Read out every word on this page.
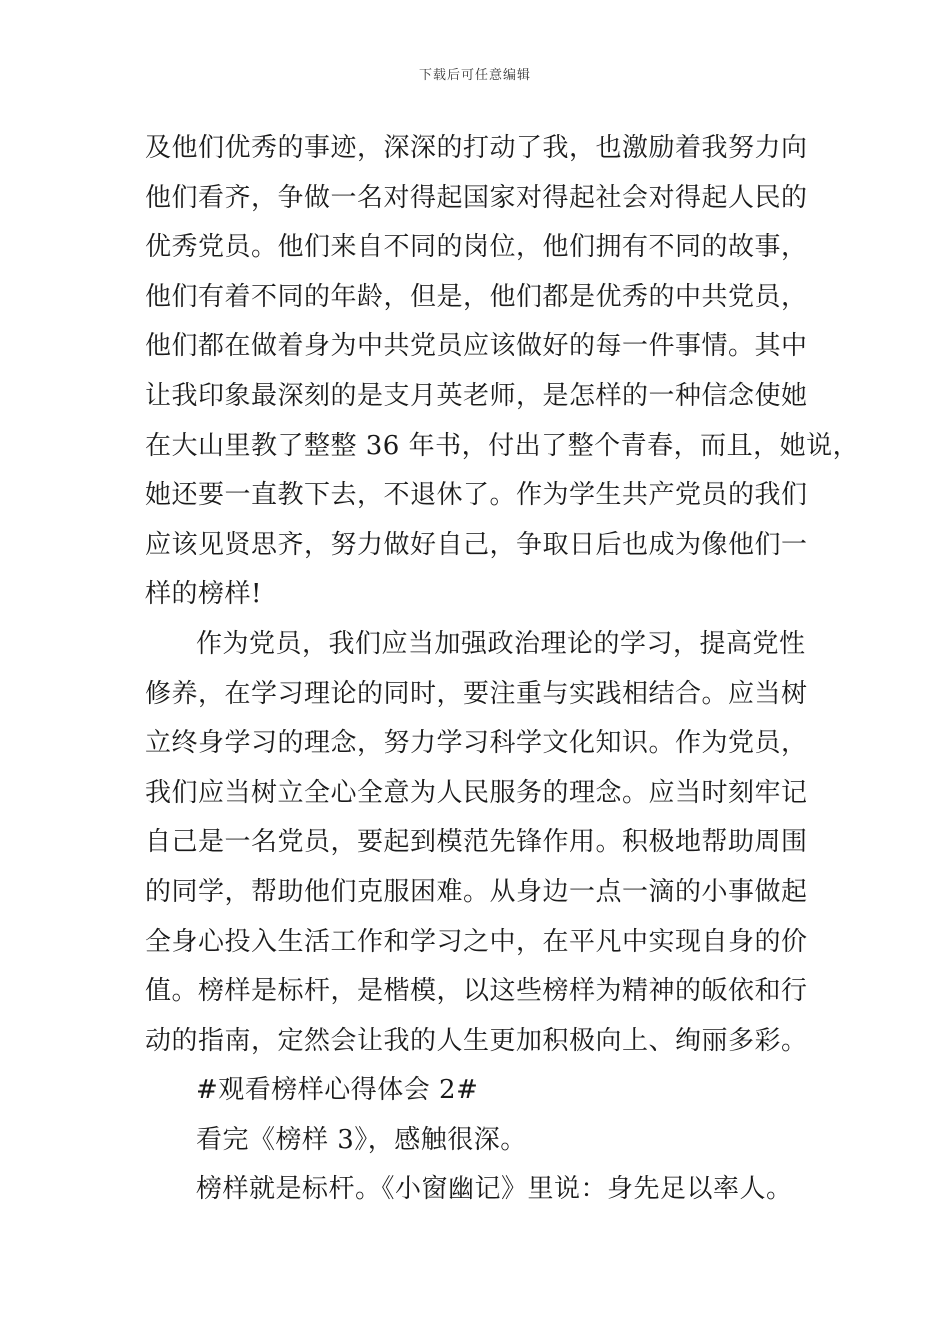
下载后可任意编辑
及他们优秀的事迹，深深的打动了我，也激励着我努力向
他们看齐，争做一名对得起国家对得起社会对得起人民的
优秀党员。他们来自不同的岗位，他们拥有不同的故事，
他们有着不同的年龄，但是，他们都是优秀的中共党员，
他们都在做着身为中共党员应该做好的每一件事情。其中
让我印象最深刻的是支月英老师，是怎样的一种信念使她
在大山里教了整整 36 年书，付出了整个青春，而且，她说，
她还要一直教下去，不退休了。作为学生共产党员的我们
应该见贤思齐，努力做好自己，争取日后也成为像他们一
样的榜样!
作为党员，我们应当加强政治理论的学习，提高党性
修养，在学习理论的同时，要注重与实践相结合。应当树
立终身学习的理念，努力学习科学文化知识。作为党员，
我们应当树立全心全意为人民服务的理念。应当时刻牢记
自己是一名党员，要起到模范先锋作用。积极地帮助周围
的同学，帮助他们克服困难。从身边一点一滴的小事做起
全身心投入生活工作和学习之中，在平凡中实现自身的价
值。榜样是标杆，是楷模，以这些榜样为精神的皈依和行
动的指南，定然会让我的人生更加积极向上、绚丽多彩。
#观看榜样心得体会 2#
看完《榜样 3》，感触很深。
榜样就是标杆。《小窗幽记》里说：身先足以率人。
